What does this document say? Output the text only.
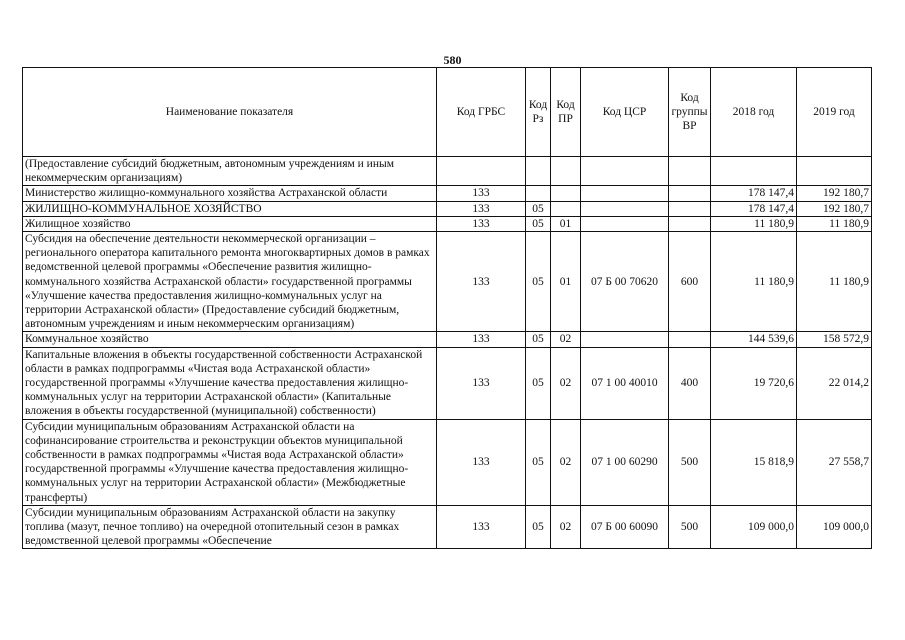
580
Наименование показателя	Код ГРБС	Код Рз	Код ПР	Код ЦСР	Код группы ВР	2018 год	2019 год
(Предоставление субсидий бюджетным, автономным учреждениям и иным некоммерческим организациям)							
Министерство жилищно-коммунального хозяйства Астраханской области	133					178 147,4	192 180,7
ЖИЛИЩНО-КОММУНАЛЬНОЕ ХОЗЯЙСТВО	133	05				178 147,4	192 180,7
Жилищное хозяйство	133	05	01			11 180,9	11 180,9
Субсидия на обеспечение деятельности некоммерческой организации – регионального оператора капитального ремонта многоквартирных домов в рамках ведомственной целевой программы «Обеспечение развития жилищно-коммунального хозяйства Астраханской области» государственной программы «Улучшение качества предоставления жилищно-коммунальных услуг на территории Астраханской области» (Предоставление субсидий бюджетным, автономным учреждениям и иным некоммерческим организациям)	133	05	01	07 Б 00 70620	600	11 180,9	11 180,9
Коммунальное хозяйство	133	05	02			144 539,6	158 572,9
Капитальные вложения в объекты государственной собственности Астраханской области в рамках подпрограммы «Чистая вода Астраханской области» государственной программы «Улучшение качества предоставления жилищно-коммунальных услуг на территории Астраханской области» (Капитальные вложения в объекты государственной (муниципальной) собственности)	133	05	02	07 1 00 40010	400	19 720,6	22 014,2
Субсидии муниципальным образованиям Астраханской области на софинансирование строительства и реконструкции объектов муниципальной собственности в рамках подпрограммы «Чистая вода Астраханской области» государственной программы «Улучшение качества предоставления жилищно-коммунальных услуг на территории Астраханской области» (Межбюджетные трансферты)	133	05	02	07 1 00 60290	500	15 818,9	27 558,7
Субсидии муниципальным образованиям Астраханской области на закупку топлива (мазут, печное топливо) на очередной отопительный сезон в рамках ведомственной целевой программы «Обеспечение	133	05	02	07 Б 00 60090	500	109 000,0	109 000,0
